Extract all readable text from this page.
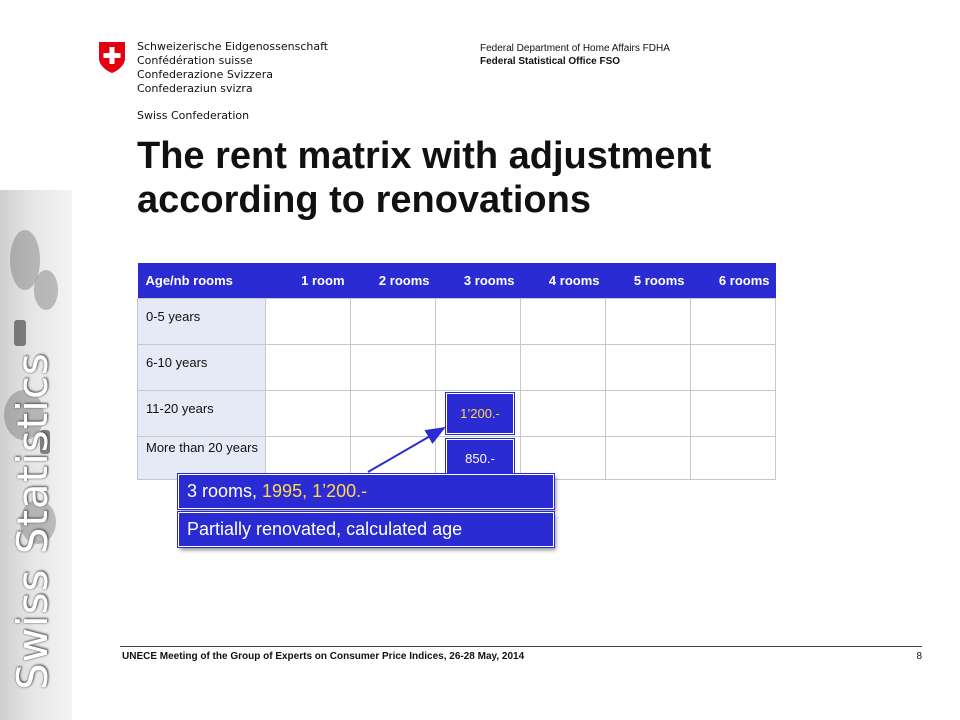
Swiss Statistics
Schweizerische Eidgenossenschaft
Confédération suisse
Confederazione Svizzera
Confederaziun svizra
Swiss Confederation
Federal Department of Home Affairs FDHA
Federal Statistical Office FSO
The rent matrix with adjustment according to renovations
Age/nb rooms	1 room	2 rooms	3 rooms	4 rooms	5 rooms	6 rooms
0-5 years						
6-10 years						
11-20 years			1’200.-			

More than 20 years			850.-			

3 rooms, 1995, 1’200.-
Partially renovated, calculated age
UNECE Meeting of the Group of Experts on Consumer Price Indices, 26-28 May, 2014	8
